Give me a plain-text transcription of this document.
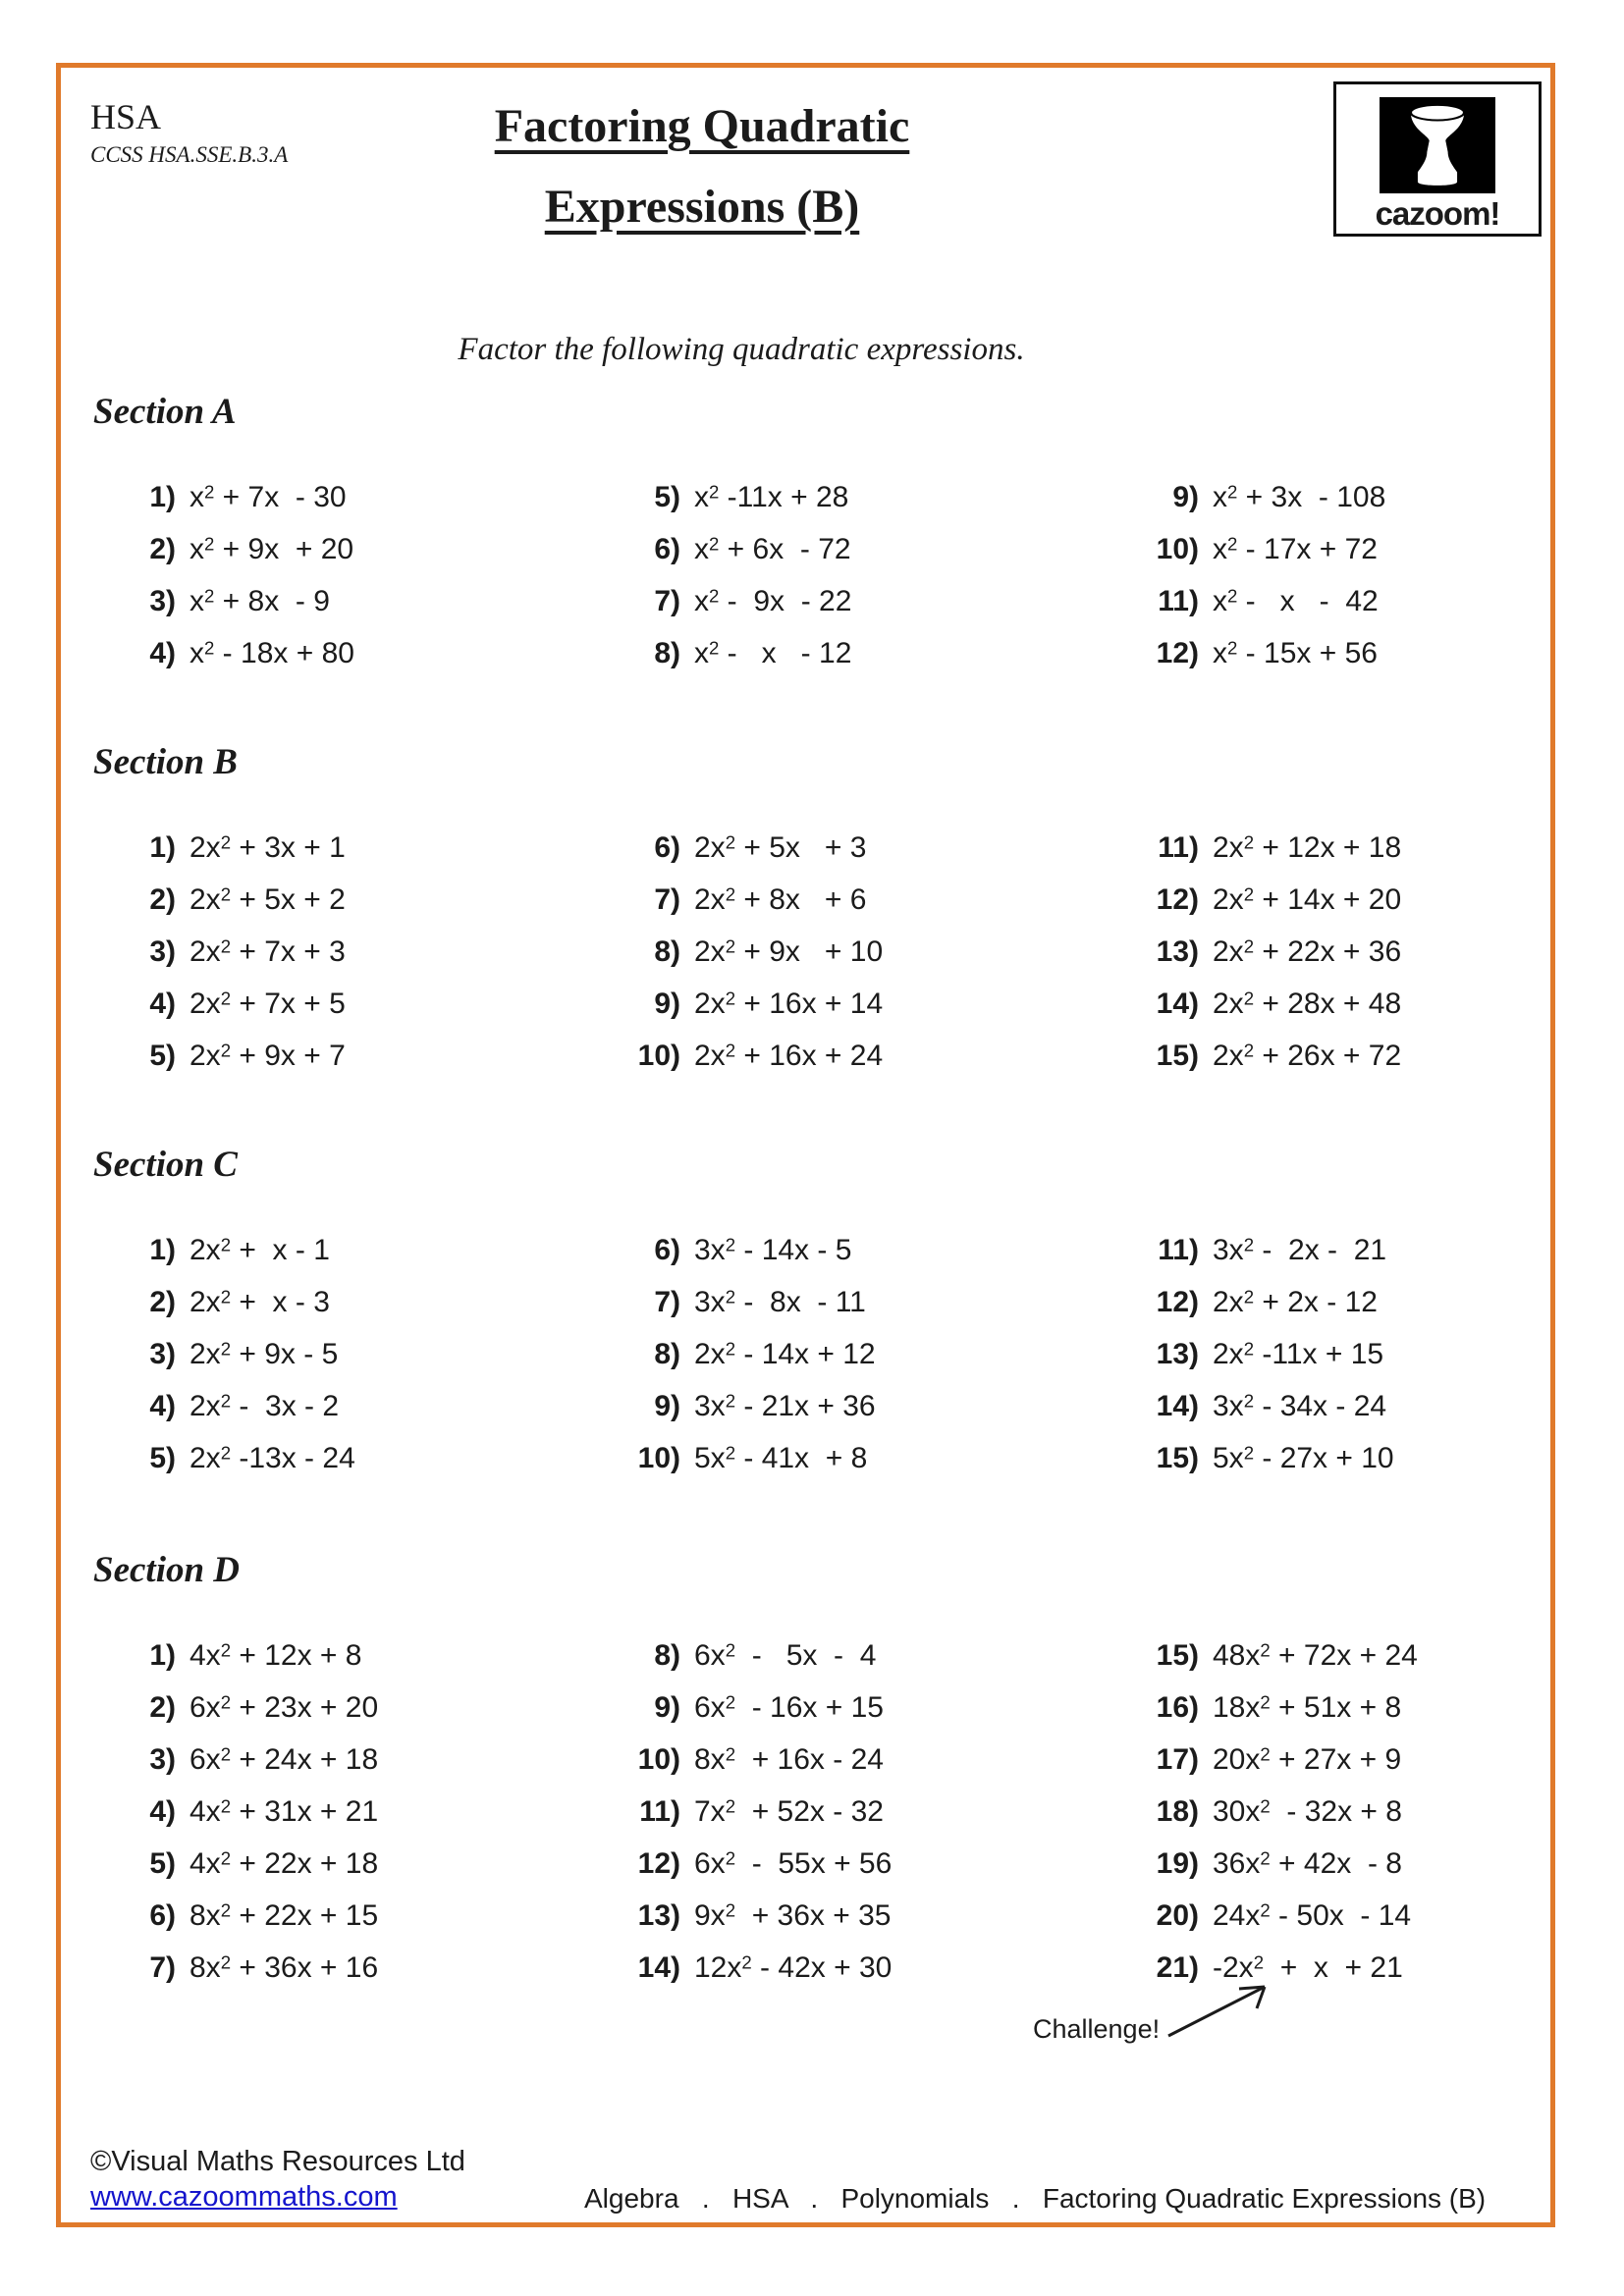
HSA
CCSS HSA.SSE.B.3.A
Factoring Quadratic
Expressions (B)	cazoom!
Factor the following quadratic expressions.
Section A
1) $x^2 + 7x - 30$
2) $x^2 + 9x + 20$
3) $x^2 + 8x - 9$
4) $x^2 - 18x + 80$
5) $x^2$ -11x + 28
6) $x^2 + 6x - 72$
7) $x^2 - 9x - 22$
8) $x^2$ -   x   - 12
9) $x^2 + 3x - 108$
10) $x^2 - 17x + 72$
11) $x^2$ -   x   -  42
12) $x^2 - 15x + 56$
Section B
1) $2x^2 + 3x + 1$
2) $2x^2 + 5x + 2$
3) $2x^2 + 7x + 3$
4) $2x^2 + 7x + 5$
5) $2x^2 + 9x + 7$
6) $2x^2 + 5x + 3$
7) $2x^2 + 8x + 6$
8) $2x^2 + 9x + 10$
9) $2x^2 + 16x + 14$
10) $2x^2 + 16x + 24$
11) $2x^2 + 12x + 18$
12) $2x^2 + 14x + 20$
13) $2x^2 + 22x + 36$
14) $2x^2 + 28x + 48$
15) $2x^2 + 26x + 72$
Section C
1) $2x^2 + x - 1$
2) $2x^2 + x - 3$
3) $2x^2 + 9x - 5$
4) $2x^2 - 3x - 2$
5) $2x^2$ -13x - 24
6) $3x^2 - 14x - 5$
7) $3x^2 - 8x - 11$
8) $2x^2 - 14x + 12$
9) $3x^2 - 21x + 36$
10) $5x^2 - 41x + 8$
11) $3x^2 - 2x - 21$
12) $2x^2 + 2x - 12$
13) $2x^2$ -11x + 15
14) $3x^2 - 34x - 24$
15) $5x^2 - 27x + 10$
Section D
1) $4x^2 + 12x + 8$
2) $6x^2 + 23x + 20$
3) $6x^2 + 24x + 18$
4) $4x^2 + 31x + 21$
5) $4x^2 + 22x + 18$
6) $8x^2 + 22x + 15$
7) $8x^2 + 36x + 16$
8) $6x^2 - 5x - 4$
9) $6x^2 - 16x + 15$
10) $8x^2 + 16x - 24$
11) $7x^2 + 52x - 32$
12) $6x^2 - 55x + 56$
13) $9x^2 + 36x + 35$
14) $12x^2 - 42x + 30$
15) $48x^2 + 72x + 24$
16) $18x^2 + 51x + 8$
17) $20x^2 + 27x + 9$
18) $30x^2 - 32x + 8$
19) $36x^2 + 42x - 8$
20) $24x^2 - 50x - 14$
21) $-2x^2 + x + 21$
Challenge!
©Visual Maths Resources Ltd
www.cazoommaths.com	Algebra   .   HSA   .   Polynomials   .   Factoring Quadratic Expressions (B)
